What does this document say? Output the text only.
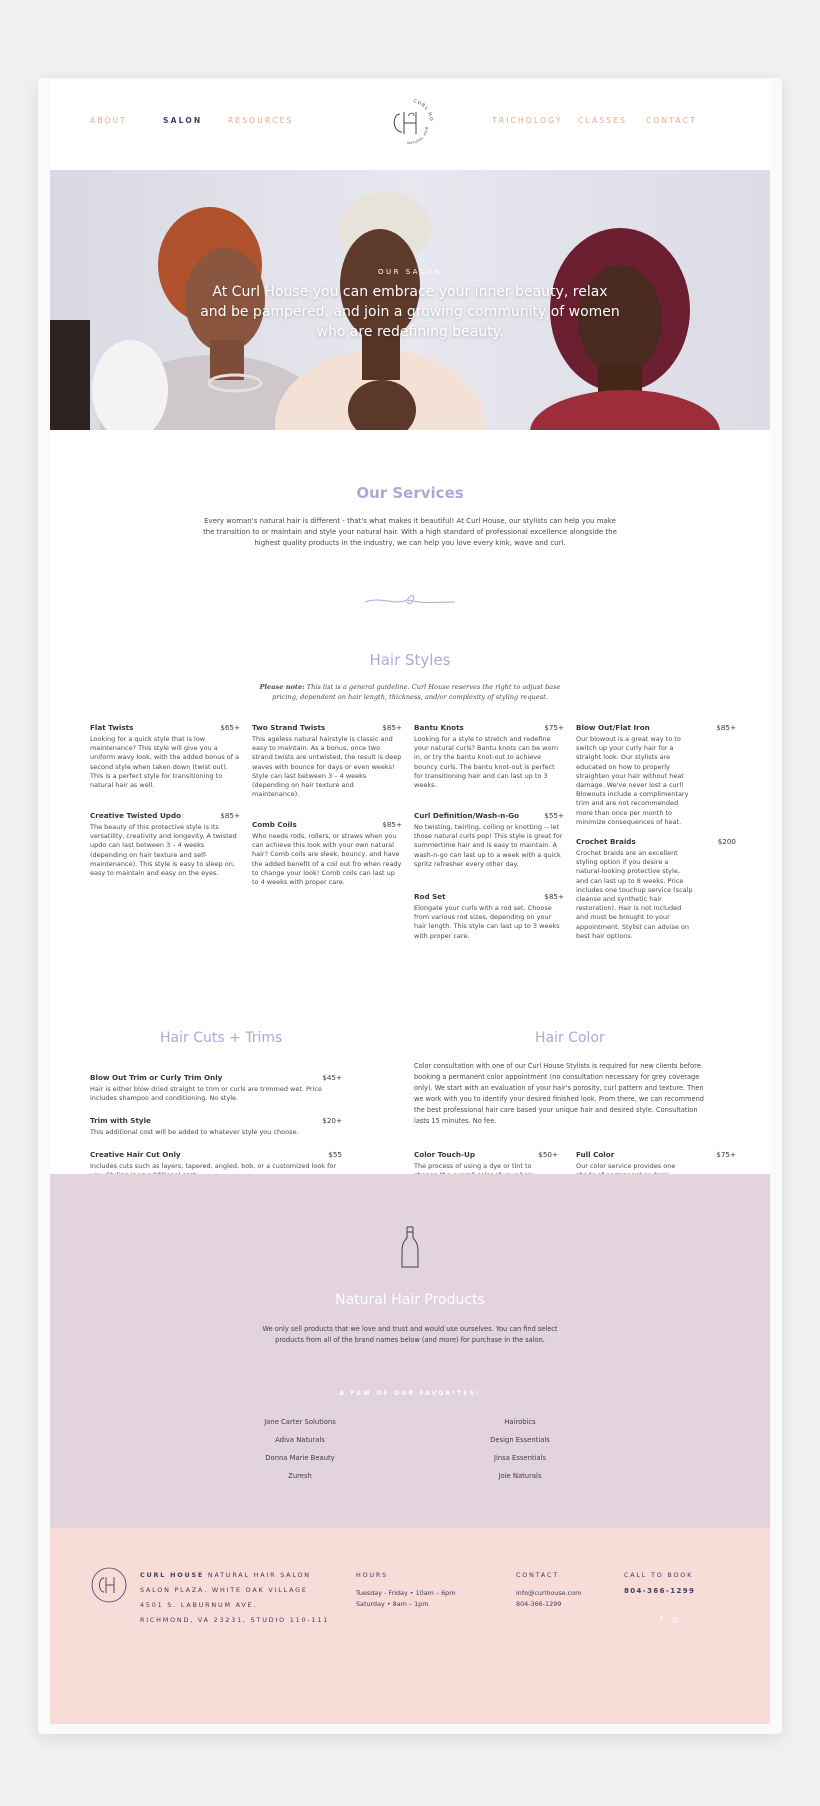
ABOUT	SALON	RESOURCES
CURL HO
NATURAL HAIR
TRICHOLOGY CLASSES	CONTACT
OUR SALON
At Curl House you can embrace your inner beauty, relax and be pampered, and join a growing community of women who are redefining beauty.
Our Services
Every woman's natural hair is different - that's what makes it beautiful! At Curl House, our stylists can help you make the transition to or maintain and style your natural hair. With a high standard of professional excellence alongside the highest quality products in the industry, we can help you love every kink, wave and curl.
Hair Styles
Please note: This list is a general guideline. Curl House reserves the right to adjust base pricing, dependent on hair length, thickness, and/or complexity of styling request.
Flat Twists	$65+
Looking for a quick style that is low maintenance? This style will give you a uniform wavy look, with the added bonus of a second style when taken down (twist out). This is a perfect style for transitioning to natural hair as well.
Creative Twisted Updo	$85+
The beauty of this protective style is its versatility, creativity and longevity. A twisted updo can last between 3 – 4 weeks (depending on hair texture and self-maintenance). This style is easy to sleep on, easy to maintain and easy on the eyes.
Two Strand Twists	$85+
This ageless natural hairstyle is classic and easy to maintain. As a bonus, once two strand twists are untwisted, the result is deep waves with bounce for days or even weeks! Style can last between 3 – 4 weeks (depending on hair texture and maintenance).
Comb Coils	$85+
Who needs rods, rollers, or straws when you can achieve this look with your own natural hair? Comb coils are sleek, bouncy, and have the added benefit of a coil out fro when ready to change your look! Comb coils can last up to 4 weeks with proper care.
Bantu Knots	$75+
Looking for a style to stretch and redefine your natural curls? Bantu knots can be worn in, or try the bantu knot-out to achieve bouncy curls. The bantu knot-out is perfect for transitioning hair and can last up to 3 weeks.
Curl Definition/Wash-n-Go	$55+
No twisting, twirling, coiling or knotting -- let those natural curls pop! This style is great for summertime hair and is easy to maintain. A wash-n-go can last up to a week with a quick spritz refresher every other day.
Rod Set	$85+
Elongate your curls with a rod set. Choose from various rod sizes, depending on your hair length. This style can last up to 3 weeks with proper care.
Blow Out/Flat Iron	$85+
Our blowout is a great way to to switch up your curly hair for a straight look. Our stylists are educated on how to properly straighten your hair without heat damage. We've never lost a curl! Blowouts include a complimentary trim and are not recommended more than once per month to minimize consequences of heat.
Crochet Braids	$200
Crochet braids are an excellent styling option if you desire a natural-looking protective style, and can last up to 8 weeks. Price includes one touchup service (scalp cleanse and synthetic hair restoration). Hair is not included and must be brought to your appointment. Stylist can advise on best hair options.
Hair Cuts + Trims
Blow Out Trim or Curly Trim Only	$45+
Hair is either blow dried straight to trim or curls are trimmed wet. Price includes shampoo and conditioning. No style.
Trim with Style	$20+
This additional cost will be added to whatever style you choose.
Creative Hair Cut Only	$55
Includes cuts such as layers, tapered, angled, bob, or a customized look for
Hair Color
Color consultation with one of our Curl House Stylists is required for new clients before booking a permanent color appointment (no consultation necessary for grey coverage only). We start with an evaluation of your hair's porosity, curl pattern and texture. Then we work with you to identify your desired finished look. From there, we can recommend the best professional hair care based your unique hair and desired style. Consultation lasts 15 minutes. No fee.
Color Touch-Up	$50+
The process of using a dye or tint to
Full Color	$75+
Our color service provides one
Natural Hair Products
We only sell products that we love and trust and would use ourselves. You can find select products from all of the brand names below (and more) for purchase in the salon.
A FEW OF OUR FAVORITES:
Jane Carter Solutions
Adiva Naturals
Donna Marie Beauty
Zuresh
Hairobics
Design Essentials
Jinsa Essentials
Joie Naturals
CURL HOUSE NATURAL HAIR SALON
SALON PLAZA, WHITE OAK VILLAGE
4501 S. LABURNUM AVE.
RICHMOND, VA 23231, STUDIO 110-111
HOURS
Tuesday - Friday • 10am – 6pm
Saturday • 8am – 1pm
CONTACT
info@curlhouse.com
804-366-1299
CALL TO BOOK
804-366-1299
f ◎
